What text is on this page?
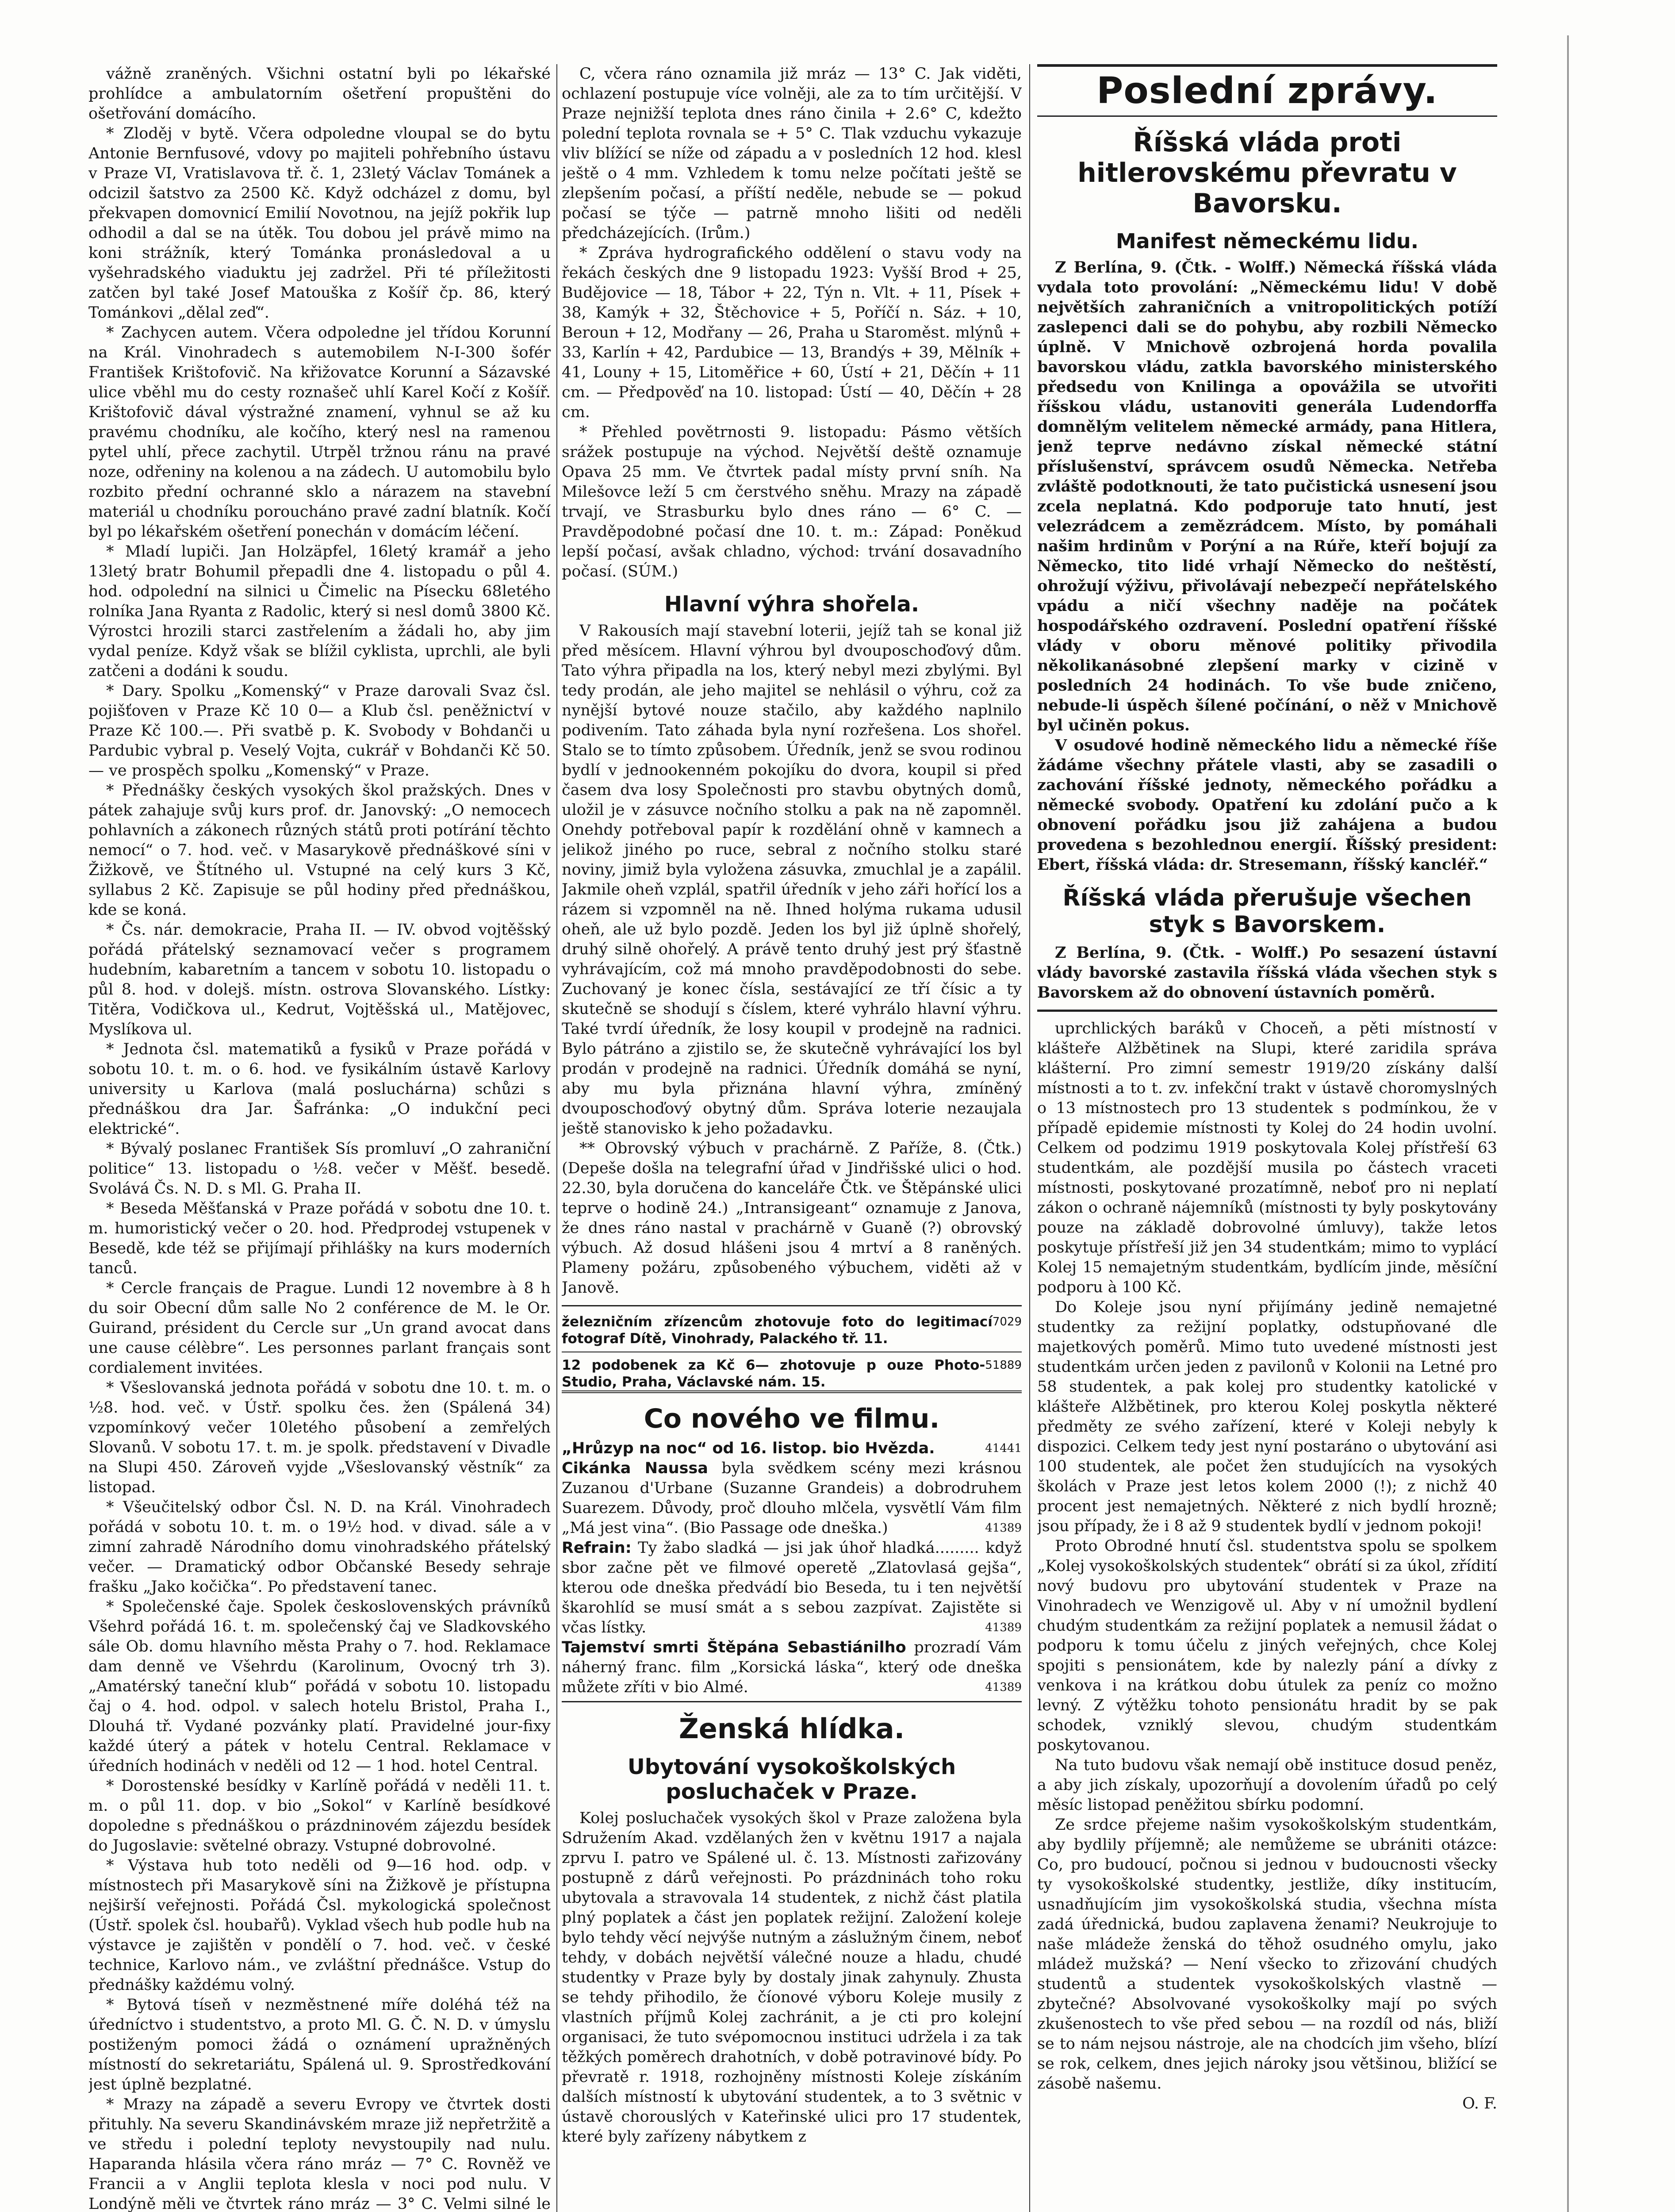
vážně zraněných. Všichni ostatní byli po lékařské prohlídce a ambulatorním ošetření propuštěni do ošetřování domácího.

* Zloděj v bytě. Včera odpoledne vloupal se do bytu Antonie Bernfusové, vdovy po majiteli pohřebního ústavu v Praze VI, Vratislavova tř. č. 1, 23letý Václav Tománek a odcizil šatstvo za 2500 Kč. Když odcházel z domu, byl překvapen domovnicí Emilií Novotnou, na jejíž pokřik lup odhodil a dal se na útěk. Tou dobou jel právě mimo na koni strážník, který Tománka pronásledoval a u vyšehradského viaduktu jej zadržel. Při té příležitosti zatčen byl také Josef Matouška z Košíř čp. 86, který Tománkovi „dělal zeď“.

* Zachycen autem. Včera odpoledne jel třídou Korunní na Král. Vinohradech s autemobilem N-I-300 šofér František Krištofovič. Na křižovatce Korunní a Sázavské ulice vběhl mu do cesty roznašeč uhlí Karel Kočí z Košíř. Krištofovič dával výstražné znamení, vyhnul se až ku pravému chodníku, ale kočího, který nesl na ramenou pytel uhlí, přece zachytil. Utrpěl tržnou ránu na pravé noze, odřeniny na kolenou a na zádech. U automobilu bylo rozbito přední ochranné sklo a nárazem na stavební materiál u chodníku poroucháno pravé zadní blatník. Kočí byl po lékařském ošetření ponechán v domácím léčení.

* Mladí lupiči. Jan Holzäpfel, 16letý kramář a jeho 13letý bratr Bohumil přepadli dne 4. listopadu o půl 4. hod. odpolední na silnici u Čimelic na Písecku 68letého rolníka Jana Ryanta z Radolic, který si nesl domů 3800 Kč. Výrostci hrozili starci zastřelením a žádali ho, aby jim vydal peníze. Když však se blížil cyklista, uprchli, ale byli zatčeni a dodáni k soudu.

* Dary. Spolku „Komenský“ v Praze darovali Svaz čsl. pojišťoven v Praze Kč 10 0— a Klub čsl. peněžnictví v Praze Kč 100.—. Při svatbě p. K. Svobody v Bohdanči u Pardubic vybral p. Veselý Vojta, cukrář v Bohdanči Kč 50.— ve prospěch spolku „Komenský“ v Praze.

* Přednášky českých vysokých škol pražských. Dnes v pátek zahajuje svůj kurs prof. dr. Janovský: „O nemocech pohlavních a zákonech různých států proti potírání těchto nemocí“ o 7. hod. več. v Masarykově přednáškové síni v Žižkově, ve Štítného ul. Vstupné na celý kurs 3 Kč, syllabus 2 Kč. Zapisuje se půl hodiny před přednáškou, kde se koná.

* Čs. nár. demokracie, Praha II. — IV. obvod vojtěšský pořádá přátelský seznamovací večer s programem hudebním, kabaretním a tancem v sobotu 10. listopadu o půl 8. hod. v dolejš. místn. ostrova Slovanského. Lístky: Titěra, Vodičkova ul., Kedrut, Vojtěšská ul., Matějovec, Myslíkova ul.

* Jednota čsl. matematiků a fysiků v Praze pořádá v sobotu 10. t. m. o 6. hod. ve fysikálním ústavě Karlovy university u Karlova (malá posluchárna) schůzi s přednáškou dra Jar. Šafránka: „O indukční peci elektrické“.

* Bývalý poslanec František Sís promluví „O zahraniční politice“ 13. listopadu o ½8. večer v Měšť. besedě. Svolává Čs. N. D. s Ml. G. Praha II.

* Beseda Měšťanská v Praze pořádá v sobotu dne 10. t. m. humoristický večer o 20. hod. Předprodej vstupenek v Besedě, kde též se přijímají přihlášky na kurs moderních tanců.

* Cercle français de Prague. Lundi 12 novembre à 8 h du soir Obecní dům salle No 2 conférence de M. le Or. Guirand, président du Cercle sur „Un grand avocat dans une cause célèbre“. Les personnes parlant français sont cordialement invitées.

* Všeslovanská jednota pořádá v sobotu dne 10. t. m. o ½8. hod. več. v Ústř. spolku čes. žen (Spálená 34) vzpomínkový večer 10letého působení a zemřelých Slovanů. V sobotu 17. t. m. je spolk. představení v Divadle na Slupi 450. Zároveň vyjde „Všeslovanský věstník“ za listopad.

* Všeučitelský odbor Čsl. N. D. na Král. Vinohradech pořádá v sobotu 10. t. m. o 19½ hod. v divad. sále a v zimní zahradě Národního domu vinohradského přátelský večer. — Dramatický odbor Občanské Besedy sehraje frašku „Jako kočička“. Po představení tanec.

* Společenské čaje. Spolek československých právníků Všehrd pořádá 16. t. m. společenský čaj ve Sladkovského sále Ob. domu hlavního města Prahy o 7. hod. Reklamace dam denně ve Všehrdu (Karolinum, Ovocný trh 3). „Amatérský taneční klub“ pořádá v sobotu 10. listopadu čaj o 4. hod. odpol. v salech hotelu Bristol, Praha I., Dlouhá tř. Vydané pozvánky platí. Pravidelné jour-fixy každé úterý a pátek v hotelu Central. Reklamace v úředních hodinách v neděli od 12 — 1 hod. hotel Central.

* Dorostenské besídky v Karlíně pořádá v neděli 11. t. m. o půl 11. dop. v bio „Sokol“ v Karlíně besídkové dopoledne s přednáškou o prázdninovém zájezdu besídek do Jugoslavie: světelné obrazy. Vstupné dobrovolné.

* Výstava hub toto neděli od 9—16 hod. odp. v místnostech při Masarykově síni na Žižkově je přístupna nejširší veřejnosti. Pořádá Čsl. mykologická společnost (Ústř. spolek čsl. houbařů). Vyklad všech hub podle hub na výstavce je zajištěn v pondělí o 7. hod. več. v české technice, Karlovo nám., ve zvláštní přednášce. Vstup do přednášky každému volný.

* Bytová tíseň v nezměstnené míře doléhá též na úředníctvo i studentstvo, a proto Ml. G. Č. N. D. v úmyslu postiženým pomoci žádá o oznámení upražněných místností do sekretariátu, Spálená ul. 9. Sprostředkování jest úplně bezplatné.

* Mrazy na západě a severu Evropy ve čtvrtek dosti přituhly. Na severu Skandinávském mraze již nepřetržitě a ve středu i polední teploty nevystoupily nad nulu. Haparanda hlásila včera ráno mráz — 7° C. Rovněž ve Francii a v Anglii teplota klesla v noci pod nulu. V Londýně měli ve čtvrtek ráno mráz — 3° C. Velmi silné le

C, včera ráno oznamila již mráz — 13° C. Jak viděti, ochlazení postupuje více volněji, ale za to tím určitější. V Praze nejnižší teplota dnes ráno činila + 2.6° C, kdežto polední teplota rovnala se + 5° C. Tlak vzduchu vykazuje vliv blížící se níže od západu a v posledních 12 hod. klesl ještě o 4 mm. Vzhledem k tomu nelze počítati ještě se zlepšením počasí, a příští neděle, nebude se — pokud počasí se týče — patrně mnoho lišiti od neděli předcházejících. (Irům.)

* Zpráva hydrografického oddělení o stavu vody na řekách českých dne 9 listopadu 1923: Vyšší Brod + 25, Budějovice — 18, Tábor + 22, Týn n. Vlt. + 11, Písek + 38, Kamýk + 32, Štěchovice + 5, Poříčí n. Sáz. + 10, Beroun + 12, Modřany — 26, Praha u Staroměst. mlýnů + 33, Karlín + 42, Pardubice — 13, Brandýs + 39, Mělník + 41, Louny + 15, Litoměřice + 60, Ústí + 21, Děčín + 11 cm. — Předpověď na 10. listopad: Ústí — 40, Děčín + 28 cm.

* Přehled povětrnosti 9. listopadu: Pásmo větších srážek postupuje na východ. Největší deště oznamuje Opava 25 mm. Ve čtvrtek padal místy první sníh. Na Milešovce leží 5 cm čerstvého sněhu. Mrazy na západě trvají, ve Strasburku bylo dnes ráno — 6° C. — Pravděpodobné počasí dne 10. t. m.: Západ: Poněkud lepší počasí, avšak chladno, východ: trvání dosavadního počasí. (SÚM.)

Hlavní výhra shořela.

V Rakousích mají stavební loterii, jejíž tah se konal již před měsícem. Hlavní výhrou byl dvouposchoďový dům. Tato výhra připadla na los, který nebyl mezi zbylými. Byl tedy prodán, ale jeho majitel se nehlásil o výhru, což za nynější bytové nouze stačilo, aby každého naplnilo podivením. Tato záhada byla nyní rozřešena. Los shořel. Stalo se to tímto způsobem. Úředník, jenž se svou rodinou bydlí v jednookenném pokojíku do dvora, koupil si před časem dva losy Společnosti pro stavbu obytných domů, uložil je v zásuvce nočního stolku a pak na ně zapomněl. Onehdy potřeboval papír k rozdělání ohně v kamnech a jelikož jiného po ruce, sebral z nočního stolku staré noviny, jimiž byla vyložena zásuvka, zmuchlal je a zapálil. Jakmile oheň vzplál, spatřil úředník v jeho záři hořící los a rázem si vzpomněl na ně. Ihned holýma rukama udusil oheň, ale už bylo pozdě. Jeden los byl již úplně shořelý, druhý silně ohořelý. A právě tento druhý jest prý šťastně vyhrávajícím, což má mnoho pravděpodobnosti do sebe. Zuchovaný je konec čísla, sestávající ze tří čísic a ty skutečně se shodují s číslem, které vyhrálo hlavní výhru. Také tvrdí úředník, že losy koupil v prodejně na radnici. Bylo pátráno a zjistilo se, že skutečně vyhrávající los byl prodán v prodejně na radnici. Úředník domáhá se nyní, aby mu byla přiznána hlavní výhra, zmíněný dvouposchoďový obytný dům. Správa loterie nezaujala ještě stanovisko k jeho požadavku.

** Obrovský výbuch v prachárně. Z Paříže, 8. (Čtk.) (Depeše došla na telegrafní úřad v Jindřišské ulici o hod. 22.30, byla doručena do kanceláře Čtk. ve Štěpánské ulici teprve o hodině 24.) „Intransigeant“ oznamuje z Janova, že dnes ráno nastal v prachárně v Guaně (?) obrovský výbuch. Až dosud hlášeni jsou 4 mrtví a 8 raněných. Plameny požáru, způsobeného výbuchem, viděti až v Janově.

železničním zřízencům zhotovuje foto do legitimací fotograf Dítě, Vinohrady, Palackého tř. 11.
7029
12 podobenek za Kč 6— zhotovuje p ouze Photo-Studio, Praha, Václavské nám. 15.
51889
Co nového ve filmu.

„Hrůzyp na noc“ od 16. listop. bio Hvězda.	41441

Cikánka Naussa byla svědkem scény mezi krásnou Zuzanou d'Urbane (Suzanne Grandeis) a dobrodruhem Suarezem. Důvody, proč dlouho mlčela, vysvětlí Vám film „Má jest vina“. (Bio Passage ode dneška.)	41389

Refrain: Ty žabo sladká — jsi jak úhoř hladká......... když sbor začne pět ve filmové operetě „Zlatovlasá gejša“, kterou ode dneška předvádí bio Beseda, tu i ten největší škarohlíd se musí smát a s sebou zazpívat. Zajistěte si včas lístky.	41389

Tajemství smrti Štěpána Sebastiánilho prozradí Vám náherný franc. film „Korsická láska“, který ode dneška můžete zříti v bio Almé.	41389

Ženská hlídka.
Ubytování vysokoškolských posluchaček v Praze.

Kolej posluchaček vysokých škol v Praze založena byla Sdružením Akad. vzdělaných žen v květnu 1917 a najala zprvu I. patro ve Spálené ul. č. 13. Místnosti zařizovány postupně z dárů veřejnosti. Po prázdninách toho roku ubytovala a stravovala 14 studentek, z nichž část platila plný poplatek a část jen poplatek režijní. Založení koleje bylo tehdy věcí nejvýše nutným a záslužným činem, neboť tehdy, v dobách největší válečné nouze a hladu, chudé studentky v Praze byly by dostaly jinak zahynuly. Zhusta se tehdy přihodilo, že číonové výboru Koleje musily z vlastních příjmů Kolej zachránit, a je cti pro kolejní organisaci, že tuto svépomocnou instituci udržela i za tak těžkých poměrech drahotních, v době potravinové bídy. Po převratě r. 1918, rozhojněny místnosti Koleje získáním dalších místností k ubytování studentek, a to 3 světnic v ústavě chorouslých v Kateřinské ulici pro 17 studentek, které byly zařízeny nábytkem z

Poslední zprávy.
Říšská vláda proti hitlerovskému převratu v Bavorsku.
Manifest německému lidu.

Z Berlína, 9. (Čtk. - Wolff.) Německá říšská vláda vydala toto provolání: „Německému lidu! V době největších zahraničních a vnitropolitických potíží zaslepenci dali se do pohybu, aby rozbili Německo úplně. V Mnichově ozbrojená horda povalila bavorskou vládu, zatkla bavorského ministerského předsedu von Knilinga a opovážila se utvořiti říšskou vládu, ustanoviti generála Ludendorffa domnělým velitelem německé armády, pana Hitlera, jenž teprve nedávno získal německé státní příslušenství, správcem osudů Německa. Netřeba zvláště podotknouti, že tato pučistická usnesení jsou zcela neplatná. Kdo podporuje tato hnutí, jest velezrádcem a zemězrádcem. Místo, by pomáhali našim hrdinům v Porýní a na Rúře, kteří bojují za Německo, tito lidé vrhají Německo do neštěstí, ohrožují výživu, přivolávají nebezpečí nepřátelského vpádu a ničí všechny naděje na počátek hospodářského ozdravení. Poslední opatření říšské vlády v oboru měnové politiky přivodila několikanásobné zlepšení marky v cizině v posledních 24 hodinách. To vše bude zničeno, nebude-li úspěch šílené počínání, o něž v Mnichově byl učiněn pokus.

V osudové hodině německého lidu a německé říše žádáme všechny přátele vlasti, aby se zasadili o zachování říšské jednoty, německého pořádku a německé svobody. Opatření ku zdolání pučo a k obnovení pořádku jsou již zahájena a budou provedena s bezohlednou energií. Říšský president: Ebert, říšská vláda: dr. Stresemann, říšský kancléř.“

Říšská vláda přerušuje všechen styk s Bavorskem.

Z Berlína, 9. (Čtk. - Wolff.) Po sesazení ústavní vlády bavorské zastavila říšská vláda všechen styk s Bavorskem až do obnovení ústavních poměrů.

uprchlických baráků v Choceň, a pěti místností v klášteře Alžbětinek na Slupi, které zaridila správa klášterní. Pro zimní semestr 1919/20 získány další místnosti a to t. zv. infekční trakt v ústavě choromyslných o 13 místnostech pro 13 studentek s podmínkou, že v případě epidemie místnosti ty Kolej do 24 hodin uvolní. Celkem od podzimu 1919 poskytovala Kolej přístřeší 63 studentkám, ale pozdější musila po částech vraceti místnosti, poskytované prozatímně, neboť pro ni neplatí zákon o ochraně nájemníků (místnosti ty byly poskytovány pouze na základě dobrovolné úmluvy), takže letos poskytuje přístřeší již jen 34 studentkám; mimo to vyplácí Kolej 15 nemajetným studentkám, bydlícím jinde, měsíční podporu à 100 Kč.

Do Koleje jsou nyní přijímány jedině nemajetné studentky za režijní poplatky, odstupňované dle majetkových poměrů. Mimo tuto uvedené místnosti jest studentkám určen jeden z pavilonů v Kolonii na Letné pro 58 studentek, a pak kolej pro studentky katolické v klášteře Alžbětinek, pro kterou Kolej poskytla některé předměty ze svého zařízení, které v Koleji nebyly k dispozici. Celkem tedy jest nyní postaráno o ubytování asi 100 studentek, ale počet žen studujících na vysokých školách v Praze jest letos kolem 2000 (!); z nichž 40 procent jest nemajetných. Některé z nich bydlí hrozně; jsou případy, že i 8 až 9 studentek bydlí v jednom pokoji!

Proto Obrodné hnutí čsl. studentstva spolu se spolkem „Kolej vysokoškolských studentek“ obrátí si za úkol, zřídití nový budovu pro ubytování studentek v Praze na Vinohradech ve Wenzigově ul. Aby v ní umožnil bydlení chudým studentkám za režijní poplatek a nemusil žádat o podporu k tomu účelu z jiných veřejných, chce Kolej spojiti s pensionátem, kde by nalezly pání a dívky z venkova i na krátkou dobu útulek za peníz co možno levný. Z výtěžku tohoto pensionátu hradit by se pak schodek, vzniklý slevou, chudým studentkám poskytovanou.

Na tuto budovu však nemají obě instituce dosud peněz, a aby jich získaly, upozorňují a dovolením úřadů po celý měsíc listopad peněžitou sbírku podomní.

Ze srdce přejeme našim vysokoškolským studentkám, aby bydlily příjemně; ale nemůžeme se ubrániti otázce: Co, pro budoucí, počnou si jednou v budoucnosti všecky ty vysokoškolské studentky, jestliže, díky institucím, usnadňujícím jim vysokoškolská studia, všechna místa zadá úřednická, budou zaplavena ženami? Neukrojuje to naše mládeže ženská do těhož osudného omylu, jako mládež mužská? — Není všecko to zřizování chudých studentů a studentek vysokoškolských vlastně — zbytečné? Absolvované vysokoškolky mají po svých zkušenostech to vše před sebou — na rozdíl od nás, bliží se to nám nejsou nástroje, ale na chodcích jim všeho, blízí se rok, celkem, dnes jejich nároky jsou většinou, bližící se zásobě našemu.

O. F.
